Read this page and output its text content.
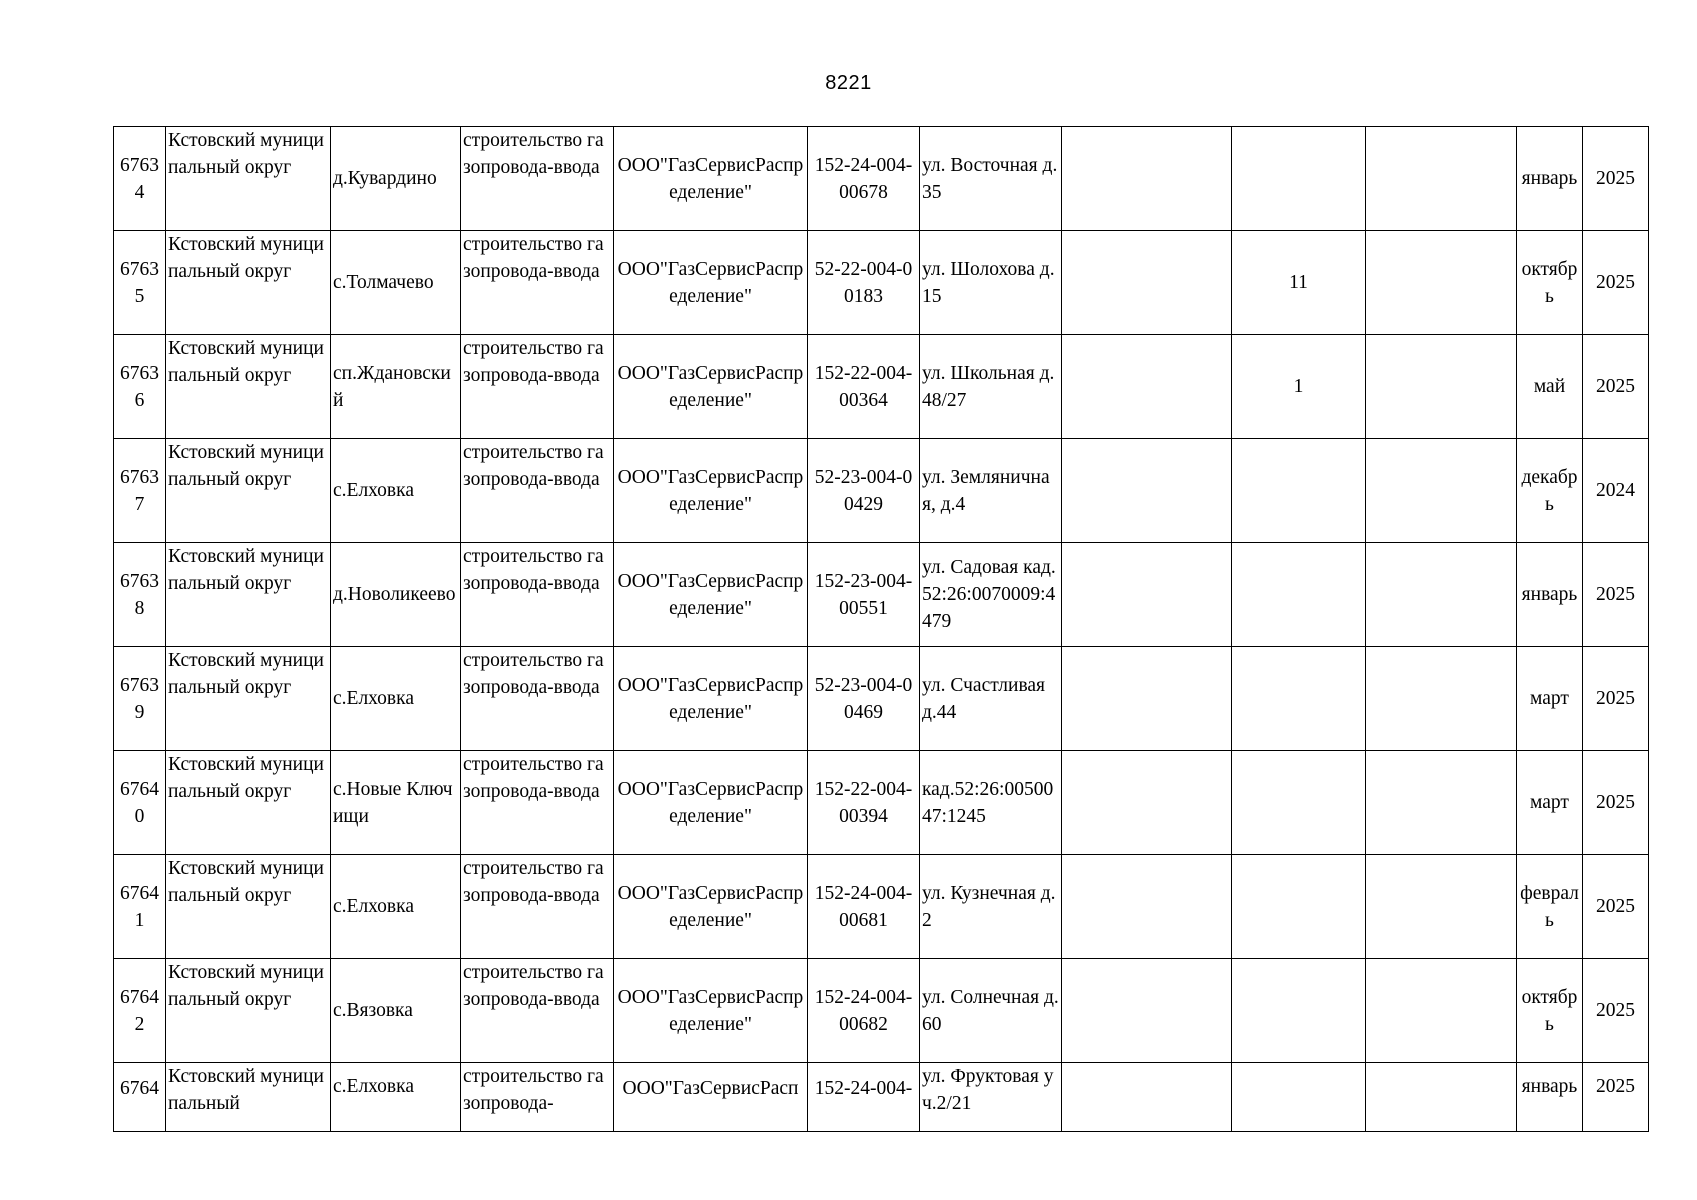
8221
67634	Кстовский муниципальный округ	д.Кувардино	строительство газопровода-ввода	ООО"ГазСервисРаспределение"	152-24-004-00678	ул. Восточная д.35				январь	2025
67635	Кстовский муниципальный округ	с.Толмачево	строительство газопровода-ввода	ООО"ГазСервисРаспределение"	52-22-004-00183	ул. Шолохова д.15		11		октябрь	2025
67636	Кстовский муниципальный округ	сп.Ждановский	строительство газопровода-ввода	ООО"ГазСервисРаспределение"	152-22-004-00364	ул. Школьная д.48/27		1		май	2025
67637	Кстовский муниципальный округ	с.Елховка	строительство газопровода-ввода	ООО"ГазСервисРаспределение"	52-23-004-00429	ул. Земляничная, д.4				декабрь	2024
67638	Кстовский муниципальный округ	д.Новоликеево	строительство газопровода-ввода	ООО"ГазСервисРаспределение"	152-23-004-00551	ул. Садовая кад.52:26:0070009:4479				январь	2025
67639	Кстовский муниципальный округ	с.Елховка	строительство газопровода-ввода	ООО"ГазСервисРаспределение"	52-23-004-00469	ул. Счастливая д.44				март	2025
67640	Кстовский муниципальный округ	с.Новые Ключищи	строительство газопровода-ввода	ООО"ГазСервисРаспределение"	152-22-004-00394	кад.52:26:0050047:1245				март	2025
67641	Кстовский муниципальный округ	с.Елховка	строительство газопровода-ввода	ООО"ГазСервисРаспределение"	152-24-004-00681	ул. Кузнечная д.2				февраль	2025
67642	Кстовский муниципальный округ	с.Вязовка	строительство газопровода-ввода	ООО"ГазСервисРаспределение"	152-24-004-00682	ул. Солнечная д.60				октябрь	2025
6764	Кстовский муниципальный	с.Елховка	строительство газопровода-	ООО"ГазСервисРасп	152-24-004-	ул. Фруктовая уч.2/21				январь	2025
